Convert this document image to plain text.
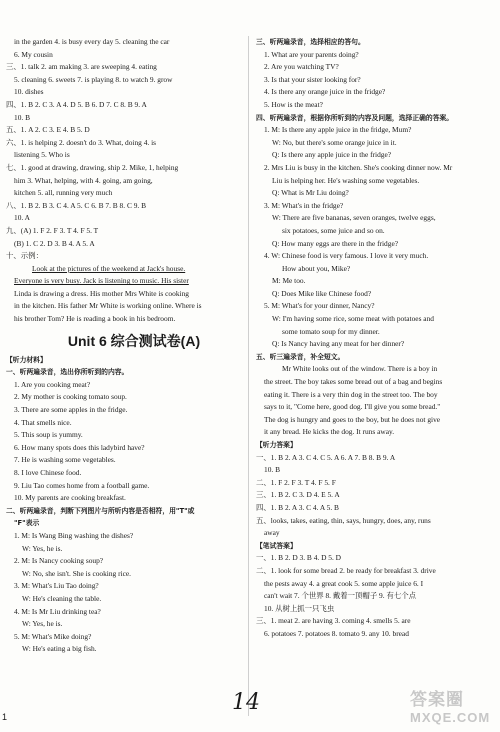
in the garden 4. is busy every day 5. cleaning the car
6. My cousin
三、1. talk 2. am making 3. are sweeping 4. eating
5. cleaning 6. sweets 7. is playing 8. to watch 9. grow
10. dishes
四、1. B 2. C 3. A 4. D 5. B 6. D 7. C 8. B 9. A
10. B
五、1. A 2. C 3. E 4. B 5. D
六、1. is helping 2. doesn't do 3. What, doing 4. is
listening 5. Who is
七、1. good at drawing, drawing, ship 2. Mike, 1, helping
him 3. What, helping, with 4. going, am going,
kitchen 5. all, running very much
八、1. B 2. B 3. C 4. A 5. C 6. B 7. B 8. C 9. B
10. A
九、(A) 1. F 2. F 3. T 4. F 5. T
(B) 1. C 2. D 3. B 4. A 5. A
十、示例：
Look at the pictures of the weekend at Jack's house.
Everyone is very busy. Jack is listening to music. His sister
Linda is drawing a dress. His mother Mrs White is cooking
in the kitchen. His father Mr White is working online. Where is
his brother Tom? He is reading a book in his bedroom.
Unit 6 综合测试卷(A)
【听力材料】
一、听两遍录音，选出你所听到的内容。
1. Are you cooking meat?
2. My mother is cooking tomato soup.
3. There are some apples in the fridge.
4. That smells nice.
5. This soup is yummy.
6. How many spots does this ladybird have?
7. He is washing some vegetables.
8. I love Chinese food.
9. Liu Tao comes home from a football game.
10. My parents are cooking breakfast.
二、听两遍录音，判断下列图片与所听内容是否相符，用"T"或
"F"表示
1. M: Is Wang Bing washing the dishes?
W: Yes, he is.
2. M: Is Nancy cooking soup?
W: No, she isn't. She is cooking rice.
3. M: What's Liu Tao doing?
W: He's cleaning the table.
4. M: Is Mr Liu drinking tea?
W: Yes, he is.
5. M: What's Mike doing?
W: He's eating a big fish.
三、听两遍录音，选择相应的答句。
1. What are your parents doing?
2. Are you watching TV?
3. Is that your sister looking for?
4. Is there any orange juice in the fridge?
5. How is the meat?
四、听两遍录音，根据你所听到的内容及问题，选择正确的答案。
1. M: Is there any apple juice in the fridge, Mum?
W: No, but there's some orange juice in it.
Q: Is there any apple juice in the fridge?
2. Mrs Liu is busy in the kitchen. She's cooking dinner now. Mr
Liu is helping her. He's washing some vegetables.
Q: What is Mr Liu doing?
3. M: What's in the fridge?
W: There are five bananas, seven oranges, twelve eggs,
six potatoes, some juice and so on.
Q: How many eggs are there in the fridge?
4. W: Chinese food is very famous. I love it very much.
How about you, Mike?
M: Me too.
Q: Does Mike like Chinese food?
5. M: What's for your dinner, Nancy?
W: I'm having some rice, some meat with potatoes and
some tomato soup for my dinner.
Q: Is Nancy having any meat for her dinner?
五、听三遍录音，补全短文。
Mr White looks out of the window. There is a boy in
the street. The boy takes some bread out of a bag and begins
eating it. There is a very thin dog in the street too. The boy
says to it, "Come here, good dog. I'll give you some bread."
The dog is hungry and goes to the boy, but he does not give
it any bread. He kicks the dog. It runs away.
【听力答案】
一、1. B 2. A 3. C 4. C 5. A 6. A 7. B 8. B 9. A
10. B
二、1. F 2. F 3. T 4. F 5. F
三、1. B 2. C 3. D 4. E 5. A
四、1. B 2. A 3. C 4. A 5. B
五、looks, takes, eating, thin, says, hungry, does, any, runs
away
【笔试答案】
一、1. B 2. D 3. B 4. D 5. D
二、1. look for some bread 2. be ready for breakfast 3. drive
the pests away 4. a great cook 5. some apple juice 6. I
can't wait 7. 个世界 8. 戴着一顶帽子 9. 有七个点
10. 从树上抓一只飞虫
三、1. meat 2. are having 3. coming 4. smells 5. are
6. potatoes 7. potatoes 8. tomato 9. any 10. bread
14
1
答案圈
MXQE.COM
